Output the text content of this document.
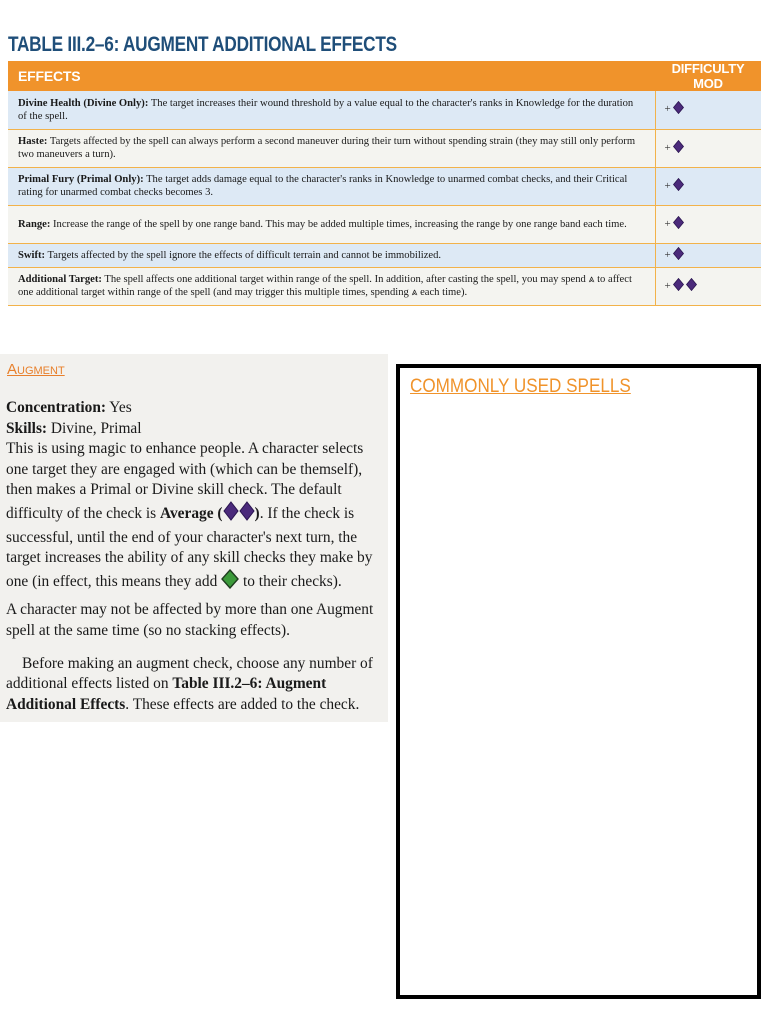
TABLE III.2–6: AUGMENT ADDITIONAL EFFECTS
EFFECTS	DIFFICULTY MOD
Divine Health (Divine Only): The target increases their wound threshold by a value equal to the character's ranks in Knowledge for the duration of the spell.	+
Haste: Targets affected by the spell can always perform a second maneuver during their turn without spending strain (they may still only perform two maneuvers a turn).	+
Primal Fury (Primal Only): The target adds damage equal to the character's ranks in Knowledge to unarmed combat checks, and their Critical rating for unarmed combat checks becomes 3.	+
Range: Increase the range of the spell by one range band. This may be added multiple times, increasing the range by one range band each time.	+
Swift: Targets affected by the spell ignore the effects of difficult terrain and cannot be immobilized.	+
Additional Target: The spell affects one additional target within range of the spell. In addition, after casting the spell, you may spend ⩓ to affect one additional target within range of the spell (and may trigger this multiple times, spending ⩓ each time).	+
Augment

Concentration: Yes

Skills: Divine, Primal

This is using magic to enhance people. A character selects one target they are engaged with (which can be themself), then makes a Primal or Divine skill check. The default difficulty of the check is Average ( ). If the check is successful, until the end of your character's next turn, the target increases the ability of any skill checks they make by one (in effect, this means they add  to their checks).

A character may not be affected by more than one Augment spell at the same time (so no stacking effects).

Before making an augment check, choose any number of additional effects listed on Table III.2–6: Augment Additional Effects. These effects are added to the check.

COMMONLY USED SPELLS
